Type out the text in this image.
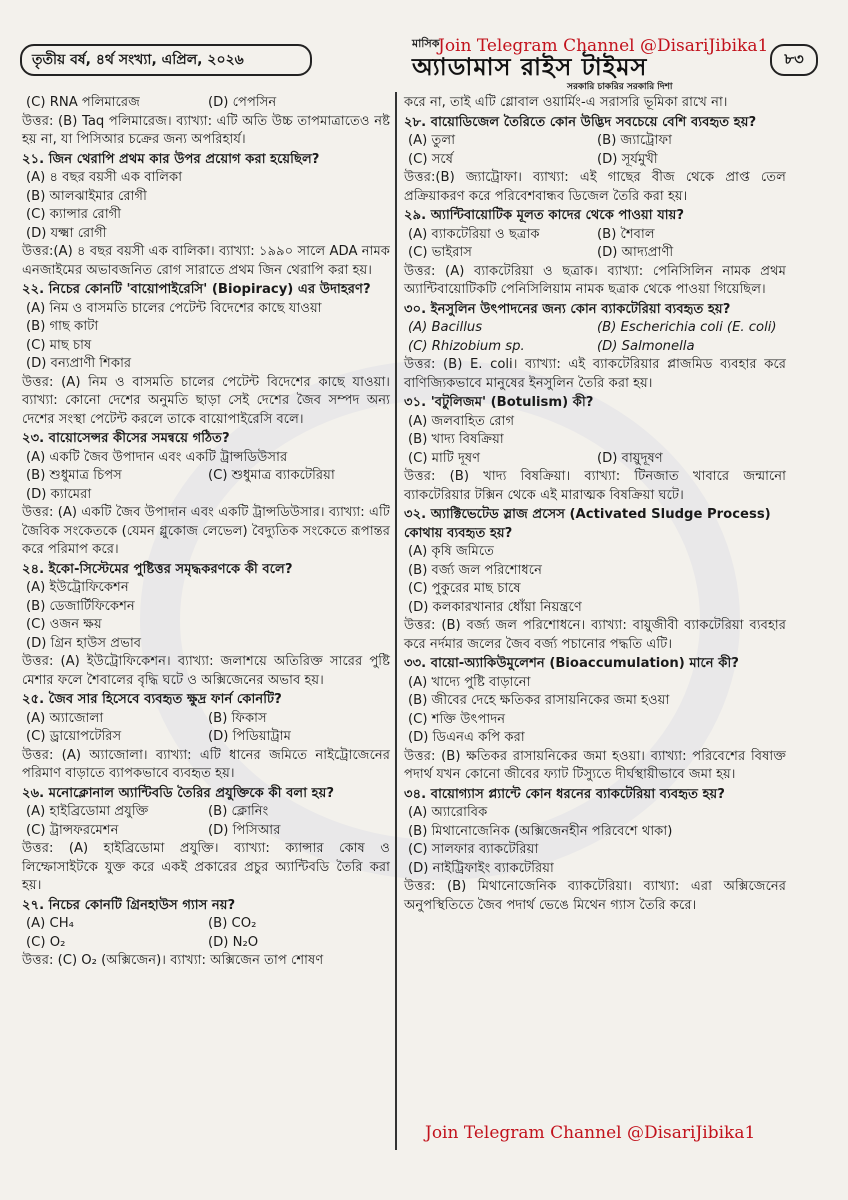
তৃতীয় বর্ষ, ৪র্থ সংখ্যা, এপ্রিল, ২০২৬
মাসিক
অ্যাডামাস রাইস টাইমস
সরকারি চাকরির সরকারি দিশা
৮৩
Join Telegram Channel @DisariJibika1
(C) RNA পলিমারেজ	(D) পেপসিন
উত্তর: (B) Taq পলিমারেজ। ব্যাখ্যা: এটি অতি উচ্চ তাপমাত্রাতেও নষ্ট হয় না, যা পিসিআর চক্রের জন্য অপরিহার্য।
২১. জিন থেরাপি প্রথম কার উপর প্রয়োগ করা হয়েছিল?
(A) ৪ বছর বয়সী এক বালিকা
(B) আলঝাইমার রোগী
(C) ক্যান্সার রোগী
(D) যক্ষ্মা রোগী
উত্তর:(A) ৪ বছর বয়সী এক বালিকা। ব্যাখ্যা: ১৯৯০ সালে ADA নামক এনজাইমের অভাবজনিত রোগ সারাতে প্রথম জিন থেরাপি করা হয়।
২২. নিচের কোনটি 'বায়োপাইরেসি' (Biopiracy) এর উদাহরণ?
(A) নিম ও বাসমতি চালের পেটেন্ট বিদেশের কাছে যাওয়া
(B) গাছ কাটা
(C) মাছ চাষ
(D) বন্যপ্রাণী শিকার
উত্তর: (A) নিম ও বাসমতি চালের পেটেন্ট বিদেশের কাছে যাওয়া। ব্যাখ্যা: কোনো দেশের অনুমতি ছাড়া সেই দেশের জৈব সম্পদ অন্য দেশের সংস্থা পেটেন্ট করলে তাকে বায়োপাইরেসি বলে।
২৩. বায়োসেন্সর কীসের সমন্বয়ে গঠিত?
(A) একটি জৈব উপাদান এবং একটি ট্রান্সডিউসার
(B) শুধুমাত্র চিপস	(C) শুধুমাত্র ব্যাকটেরিয়া
(D) ক্যামেরা
উত্তর: (A) একটি জৈব উপাদান এবং একটি ট্রান্সডিউসার। ব্যাখ্যা: এটি জৈবিক সংকেতকে (যেমন গ্লুকোজ লেভেল) বৈদ্যুতিক সংকেতে রূপান্তর করে পরিমাপ করে।
২৪. ইকো-সিস্টেমের পুষ্টিত্তর সমৃদ্ধকরণকে কী বলে?
(A) ইউট্রোফিকেশন
(B) ডেজার্টিফিকেশন
(C) ওজন ক্ষয়
(D) গ্রিন হাউস প্রভাব
উত্তর: (A) ইউট্রোফিকেশন। ব্যাখ্যা: জলাশয়ে অতিরিক্ত সারের পুষ্টি মেশার ফলে শৈবালের বৃদ্ধি ঘটে ও অক্সিজেনের অভাব হয়।
২৫. জৈব সার হিসেবে ব্যবহৃত ক্ষুদ্র ফার্ন কোনটি?
(A) অ্যাজোলা	(B) ফিকাস
(C) ড্রায়োপটেরিস	(D) পিডিয়াট্রাম
উত্তর: (A) অ্যাজোলা। ব্যাখ্যা: এটি ধানের জমিতে নাইট্রোজেনের পরিমাণ বাড়াতে ব্যাপকভাবে ব্যবহৃত হয়।
২৬. মনোক্লোনাল অ্যান্টিবডি তৈরির প্রযুক্তিকে কী বলা হয়?
(A) হাইব্রিডোমা প্রযুক্তি	(B) ক্লোনিং
(C) ট্রান্সফরমেশন	(D) পিসিআর
উত্তর: (A) হাইব্রিডোমা প্রযুক্তি। ব্যাখ্যা: ক্যান্সার কোষ ও লিম্ফোসাইটকে যুক্ত করে একই প্রকারের প্রচুর অ্যান্টিবডি তৈরি করা হয়।
২৭. নিচের কোনটি গ্রিনহাউস গ্যাস নয়?
(A) CH₄	(B) CO₂
(C) O₂	(D) N₂O
উত্তর: (C) O₂ (অক্সিজেন)। ব্যাখ্যা: অক্সিজেন তাপ শোষণ
করে না, তাই এটি গ্লোবাল ওয়ার্মিং-এ সরাসরি ভূমিকা রাখে না।
২৮. বায়োডিজেল তৈরিতে কোন উদ্ভিদ সবচেয়ে বেশি ব্যবহৃত হয়?
(A) তুলা	(B) জ্যাট্রোফা
(C) সর্ষে	(D) সূর্যমুখী
উত্তর:(B) জ্যাট্রোফা। ব্যাখ্যা: এই গাছের বীজ থেকে প্রাপ্ত তেল প্রক্রিয়াকরণ করে পরিবেশবান্ধব ডিজেল তৈরি করা হয়।
২৯. অ্যান্টিবায়োটিক মূলত কাদের থেকে পাওয়া যায়?
(A) ব্যাকটেরিয়া ও ছত্রাক	(B) শৈবাল
(C) ভাইরাস	(D) আদ্যপ্রাণী
উত্তর: (A) ব্যাকটেরিয়া ও ছত্রাক। ব্যাখ্যা: পেনিসিলিন নামক প্রথম অ্যান্টিবায়োটিকটি পেনিসিলিয়াম নামক ছত্রাক থেকে পাওয়া গিয়েছিল।
৩০. ইনসুলিন উৎপাদনের জন্য কোন ব্যাকটেরিয়া ব্যবহৃত হয়?
(A) Bacillus	(B) Escherichia coli (E. coli)
(C) Rhizobium sp.	(D) Salmonella
উত্তর: (B) E. coli। ব্যাখ্যা: এই ব্যাকটেরিয়ার প্লাজমিড ব্যবহার করে বাণিজ্যিকভাবে মানুষের ইনসুলিন তৈরি করা হয়।
৩১. 'বটুলিজম' (Botulism) কী?
(A) জলবাহিত রোগ
(B) খাদ্য বিষক্রিয়া
(C) মাটি দূষণ	(D) বায়ুদূষণ
উত্তর: (B) খাদ্য বিষক্রিয়া। ব্যাখ্যা: টিনজাত খাবারে জন্মানো ব্যাকটেরিয়ার টক্সিন থেকে এই মারাত্মক বিষক্রিয়া ঘটে।
৩২. অ্যাক্টিভেটেড স্লাজ প্রসেস (Activated Sludge Process) কোথায় ব্যবহৃত হয়?
(A) কৃষি জমিতে
(B) বর্জ্য জল পরিশোধনে
(C) পুকুরের মাছ চাষে
(D) কলকারখানার ধোঁয়া নিয়ন্ত্রণে
উত্তর: (B) বর্জ্য জল পরিশোধনে। ব্যাখ্যা: বায়ুজীবী ব্যাকটেরিয়া ব্যবহার করে নর্দমার জলের জৈব বর্জ্য পচানোর পদ্ধতি এটি।
৩৩. বায়ো-অ্যাকিউমুলেশন (Bioaccumulation) মানে কী?
(A) খাদ্যে পুষ্টি বাড়ানো
(B) জীবের দেহে ক্ষতিকর রাসায়নিকের জমা হওয়া
(C) শক্তি উৎপাদন
(D) ডিএনএ কপি করা
উত্তর: (B) ক্ষতিকর রাসায়নিকের জমা হওয়া। ব্যাখ্যা: পরিবেশের বিষাক্ত পদার্থ যখন কোনো জীবের ফ্যাট টিস্যুতে দীর্ঘস্থায়ীভাবে জমা হয়।
৩৪. বায়োগ্যাস প্ল্যান্টে কোন ধরনের ব্যাকটেরিয়া ব্যবহৃত হয়?
(A) অ্যারোবিক
(B) মিথানোজেনিক (অক্সিজেনহীন পরিবেশে থাকা)
(C) সালফার ব্যাকটেরিয়া
(D) নাইট্রিফাইং ব্যাকটেরিয়া
উত্তর: (B) মিথানোজেনিক ব্যাকটেরিয়া। ব্যাখ্যা: এরা অক্সিজেনের অনুপস্থিতিতে জৈব পদার্থ ভেঙে মিথেন গ্যাস তৈরি করে।
Join Telegram Channel @DisariJibika1
